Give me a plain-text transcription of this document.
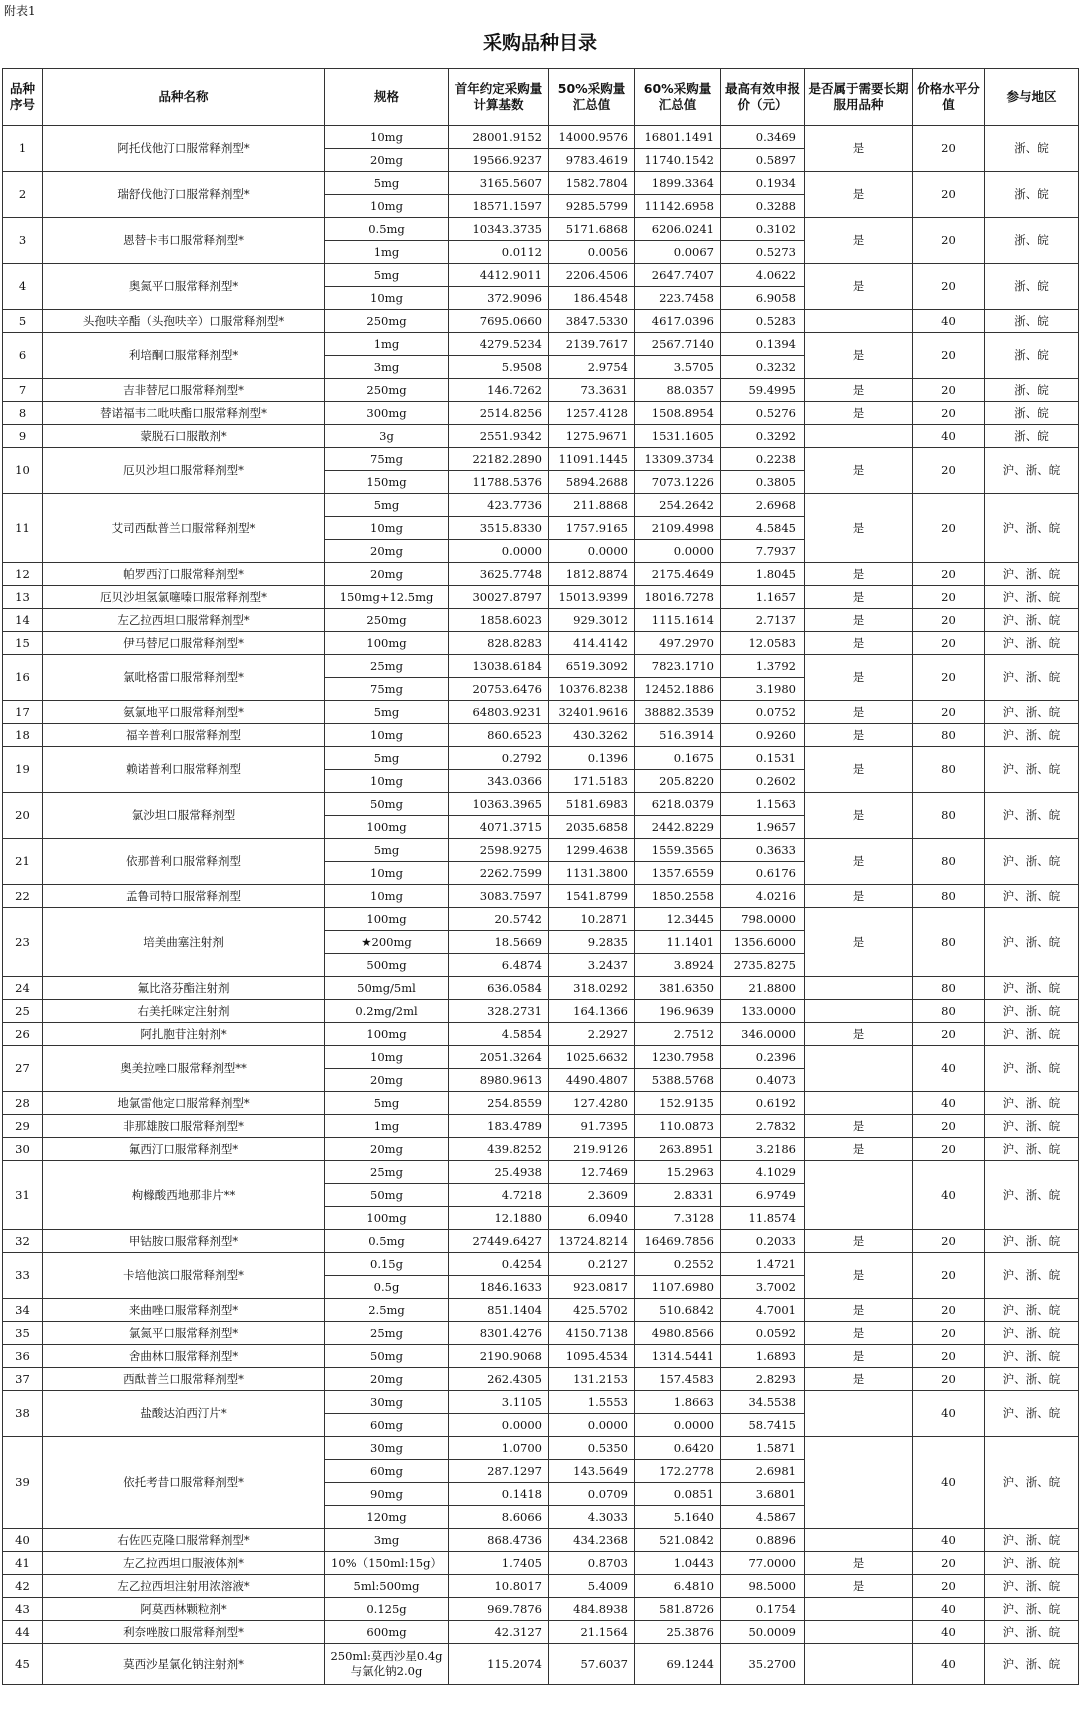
附表1
采购品种目录
品种序号	品种名称	规格	首年约定采购量计算基数	50%采购量汇总值	60%采购量汇总值	最高有效申报价（元）	是否属于需要长期服用品种	价格水平分值	参与地区
1	阿托伐他汀口服常释剂型*	10mg	28001.9152	14000.9576	16801.1491	0.3469	是	20	浙、皖
		20mg	19566.9237	9783.4619	11740.1542	0.5897			
2	瑞舒伐他汀口服常释剂型*	5mg	3165.5607	1582.7804	1899.3364	0.1934	是	20	浙、皖
		10mg	18571.1597	9285.5799	11142.6958	0.3288			
3	恩替卡韦口服常释剂型*	0.5mg	10343.3735	5171.6868	6206.0241	0.3102	是	20	浙、皖
		1mg	0.0112	0.0056	0.0067	0.5273			
4	奥氮平口服常释剂型*	5mg	4412.9011	2206.4506	2647.7407	4.0622	是	20	浙、皖
		10mg	372.9096	186.4548	223.7458	6.9058			
5	头孢呋辛酯（头孢呋辛）口服常释剂型*	250mg	7695.0660	3847.5330	4617.0396	0.5283		40	浙、皖
6	利培酮口服常释剂型*	1mg	4279.5234	2139.7617	2567.7140	0.1394	是	20	浙、皖
		3mg	5.9508	2.9754	3.5705	0.3232			
7	吉非替尼口服常释剂型*	250mg	146.7262	73.3631	88.0357	59.4995	是	20	浙、皖
8	替诺福韦二吡呋酯口服常释剂型*	300mg	2514.8256	1257.4128	1508.8954	0.5276	是	20	浙、皖
9	蒙脱石口服散剂*	3g	2551.9342	1275.9671	1531.1605	0.3292		40	浙、皖
10	厄贝沙坦口服常释剂型*	75mg	22182.2890	11091.1445	13309.3734	0.2238	是	20	沪、浙、皖
		150mg	11788.5376	5894.2688	7073.1226	0.3805			
11	艾司西酞普兰口服常释剂型*	5mg	423.7736	211.8868	254.2642	2.6968	是	20	沪、浙、皖
		10mg	3515.8330	1757.9165	2109.4998	4.5845			
		20mg	0.0000	0.0000	0.0000	7.7937			
12	帕罗西汀口服常释剂型*	20mg	3625.7748	1812.8874	2175.4649	1.8045	是	20	沪、浙、皖
13	厄贝沙坦氢氯噻嗪口服常释剂型*	150mg+12.5mg	30027.8797	15013.9399	18016.7278	1.1657	是	20	沪、浙、皖
14	左乙拉西坦口服常释剂型*	250mg	1858.6023	929.3012	1115.1614	2.7137	是	20	沪、浙、皖
15	伊马替尼口服常释剂型*	100mg	828.8283	414.4142	497.2970	12.0583	是	20	沪、浙、皖
16	氯吡格雷口服常释剂型*	25mg	13038.6184	6519.3092	7823.1710	1.3792	是	20	沪、浙、皖
		75mg	20753.6476	10376.8238	12452.1886	3.1980			
17	氨氯地平口服常释剂型*	5mg	64803.9231	32401.9616	38882.3539	0.0752	是	20	沪、浙、皖
18	福辛普利口服常释剂型	10mg	860.6523	430.3262	516.3914	0.9260	是	80	沪、浙、皖
19	赖诺普利口服常释剂型	5mg	0.2792	0.1396	0.1675	0.1531	是	80	沪、浙、皖
		10mg	343.0366	171.5183	205.8220	0.2602			
20	氯沙坦口服常释剂型	50mg	10363.3965	5181.6983	6218.0379	1.1563	是	80	沪、浙、皖
		100mg	4071.3715	2035.6858	2442.8229	1.9657			
21	依那普利口服常释剂型	5mg	2598.9275	1299.4638	1559.3565	0.3633	是	80	沪、浙、皖
		10mg	2262.7599	1131.3800	1357.6559	0.6176			
22	孟鲁司特口服常释剂型	10mg	3083.7597	1541.8799	1850.2558	4.0216	是	80	沪、浙、皖
23	培美曲塞注射剂	100mg	20.5742	10.2871	12.3445	798.0000	是	80	沪、浙、皖
		★200mg	18.5669	9.2835	11.1401	1356.6000			
		500mg	6.4874	3.2437	3.8924	2735.8275			
24	氟比洛芬酯注射剂	50mg/5ml	636.0584	318.0292	381.6350	21.8800		80	沪、浙、皖
25	右美托咪定注射剂	0.2mg/2ml	328.2731	164.1366	196.9639	133.0000		80	沪、浙、皖
26	阿扎胞苷注射剂*	100mg	4.5854	2.2927	2.7512	346.0000	是	20	沪、浙、皖
27	奥美拉唑口服常释剂型**	10mg	2051.3264	1025.6632	1230.7958	0.2396		40	沪、浙、皖
		20mg	8980.9613	4490.4807	5388.5768	0.4073			
28	地氯雷他定口服常释剂型*	5mg	254.8559	127.4280	152.9135	0.6192		40	沪、浙、皖
29	非那雄胺口服常释剂型*	1mg	183.4789	91.7395	110.0873	2.7832	是	20	沪、浙、皖
30	氟西汀口服常释剂型*	20mg	439.8252	219.9126	263.8951	3.2186	是	20	沪、浙、皖
31	枸橼酸西地那非片**	25mg	25.4938	12.7469	15.2963	4.1029		40	沪、浙、皖
		50mg	4.7218	2.3609	2.8331	6.9749			
		100mg	12.1880	6.0940	7.3128	11.8574			
32	甲钴胺口服常释剂型*	0.5mg	27449.6427	13724.8214	16469.7856	0.2033	是	20	沪、浙、皖
33	卡培他滨口服常释剂型*	0.15g	0.4254	0.2127	0.2552	1.4721	是	20	沪、浙、皖
		0.5g	1846.1633	923.0817	1107.6980	3.7002			
34	来曲唑口服常释剂型*	2.5mg	851.1404	425.5702	510.6842	4.7001	是	20	沪、浙、皖
35	氯氮平口服常释剂型*	25mg	8301.4276	4150.7138	4980.8566	0.0592	是	20	沪、浙、皖
36	舍曲林口服常释剂型*	50mg	2190.9068	1095.4534	1314.5441	1.6893	是	20	沪、浙、皖
37	西酞普兰口服常释剂型*	20mg	262.4305	131.2153	157.4583	2.8293	是	20	沪、浙、皖
38	盐酸达泊西汀片*	30mg	3.1105	1.5553	1.8663	34.5538		40	沪、浙、皖
		60mg	0.0000	0.0000	0.0000	58.7415			
39	依托考昔口服常释剂型*	30mg	1.0700	0.5350	0.6420	1.5871		40	沪、浙、皖
		60mg	287.1297	143.5649	172.2778	2.6981			
		90mg	0.1418	0.0709	0.0851	3.6801			
		120mg	8.6066	4.3033	5.1640	4.5867			
40	右佐匹克隆口服常释剂型*	3mg	868.4736	434.2368	521.0842	0.8896		40	沪、浙、皖
41	左乙拉西坦口服液体剂*	10%（150ml:15g）	1.7405	0.8703	1.0443	77.0000	是	20	沪、浙、皖
42	左乙拉西坦注射用浓溶液*	5ml:500mg	10.8017	5.4009	6.4810	98.5000	是	20	沪、浙、皖
43	阿莫西林颗粒剂*	0.125g	969.7876	484.8938	581.8726	0.1754		40	沪、浙、皖
44	利奈唑胺口服常释剂型*	600mg	42.3127	21.1564	25.3876	50.0009		40	沪、浙、皖
45	莫西沙星氯化钠注射剂*	250ml:莫西沙星0.4g与氯化钠2.0g	115.2074	57.6037	69.1244	35.2700		40	沪、浙、皖
